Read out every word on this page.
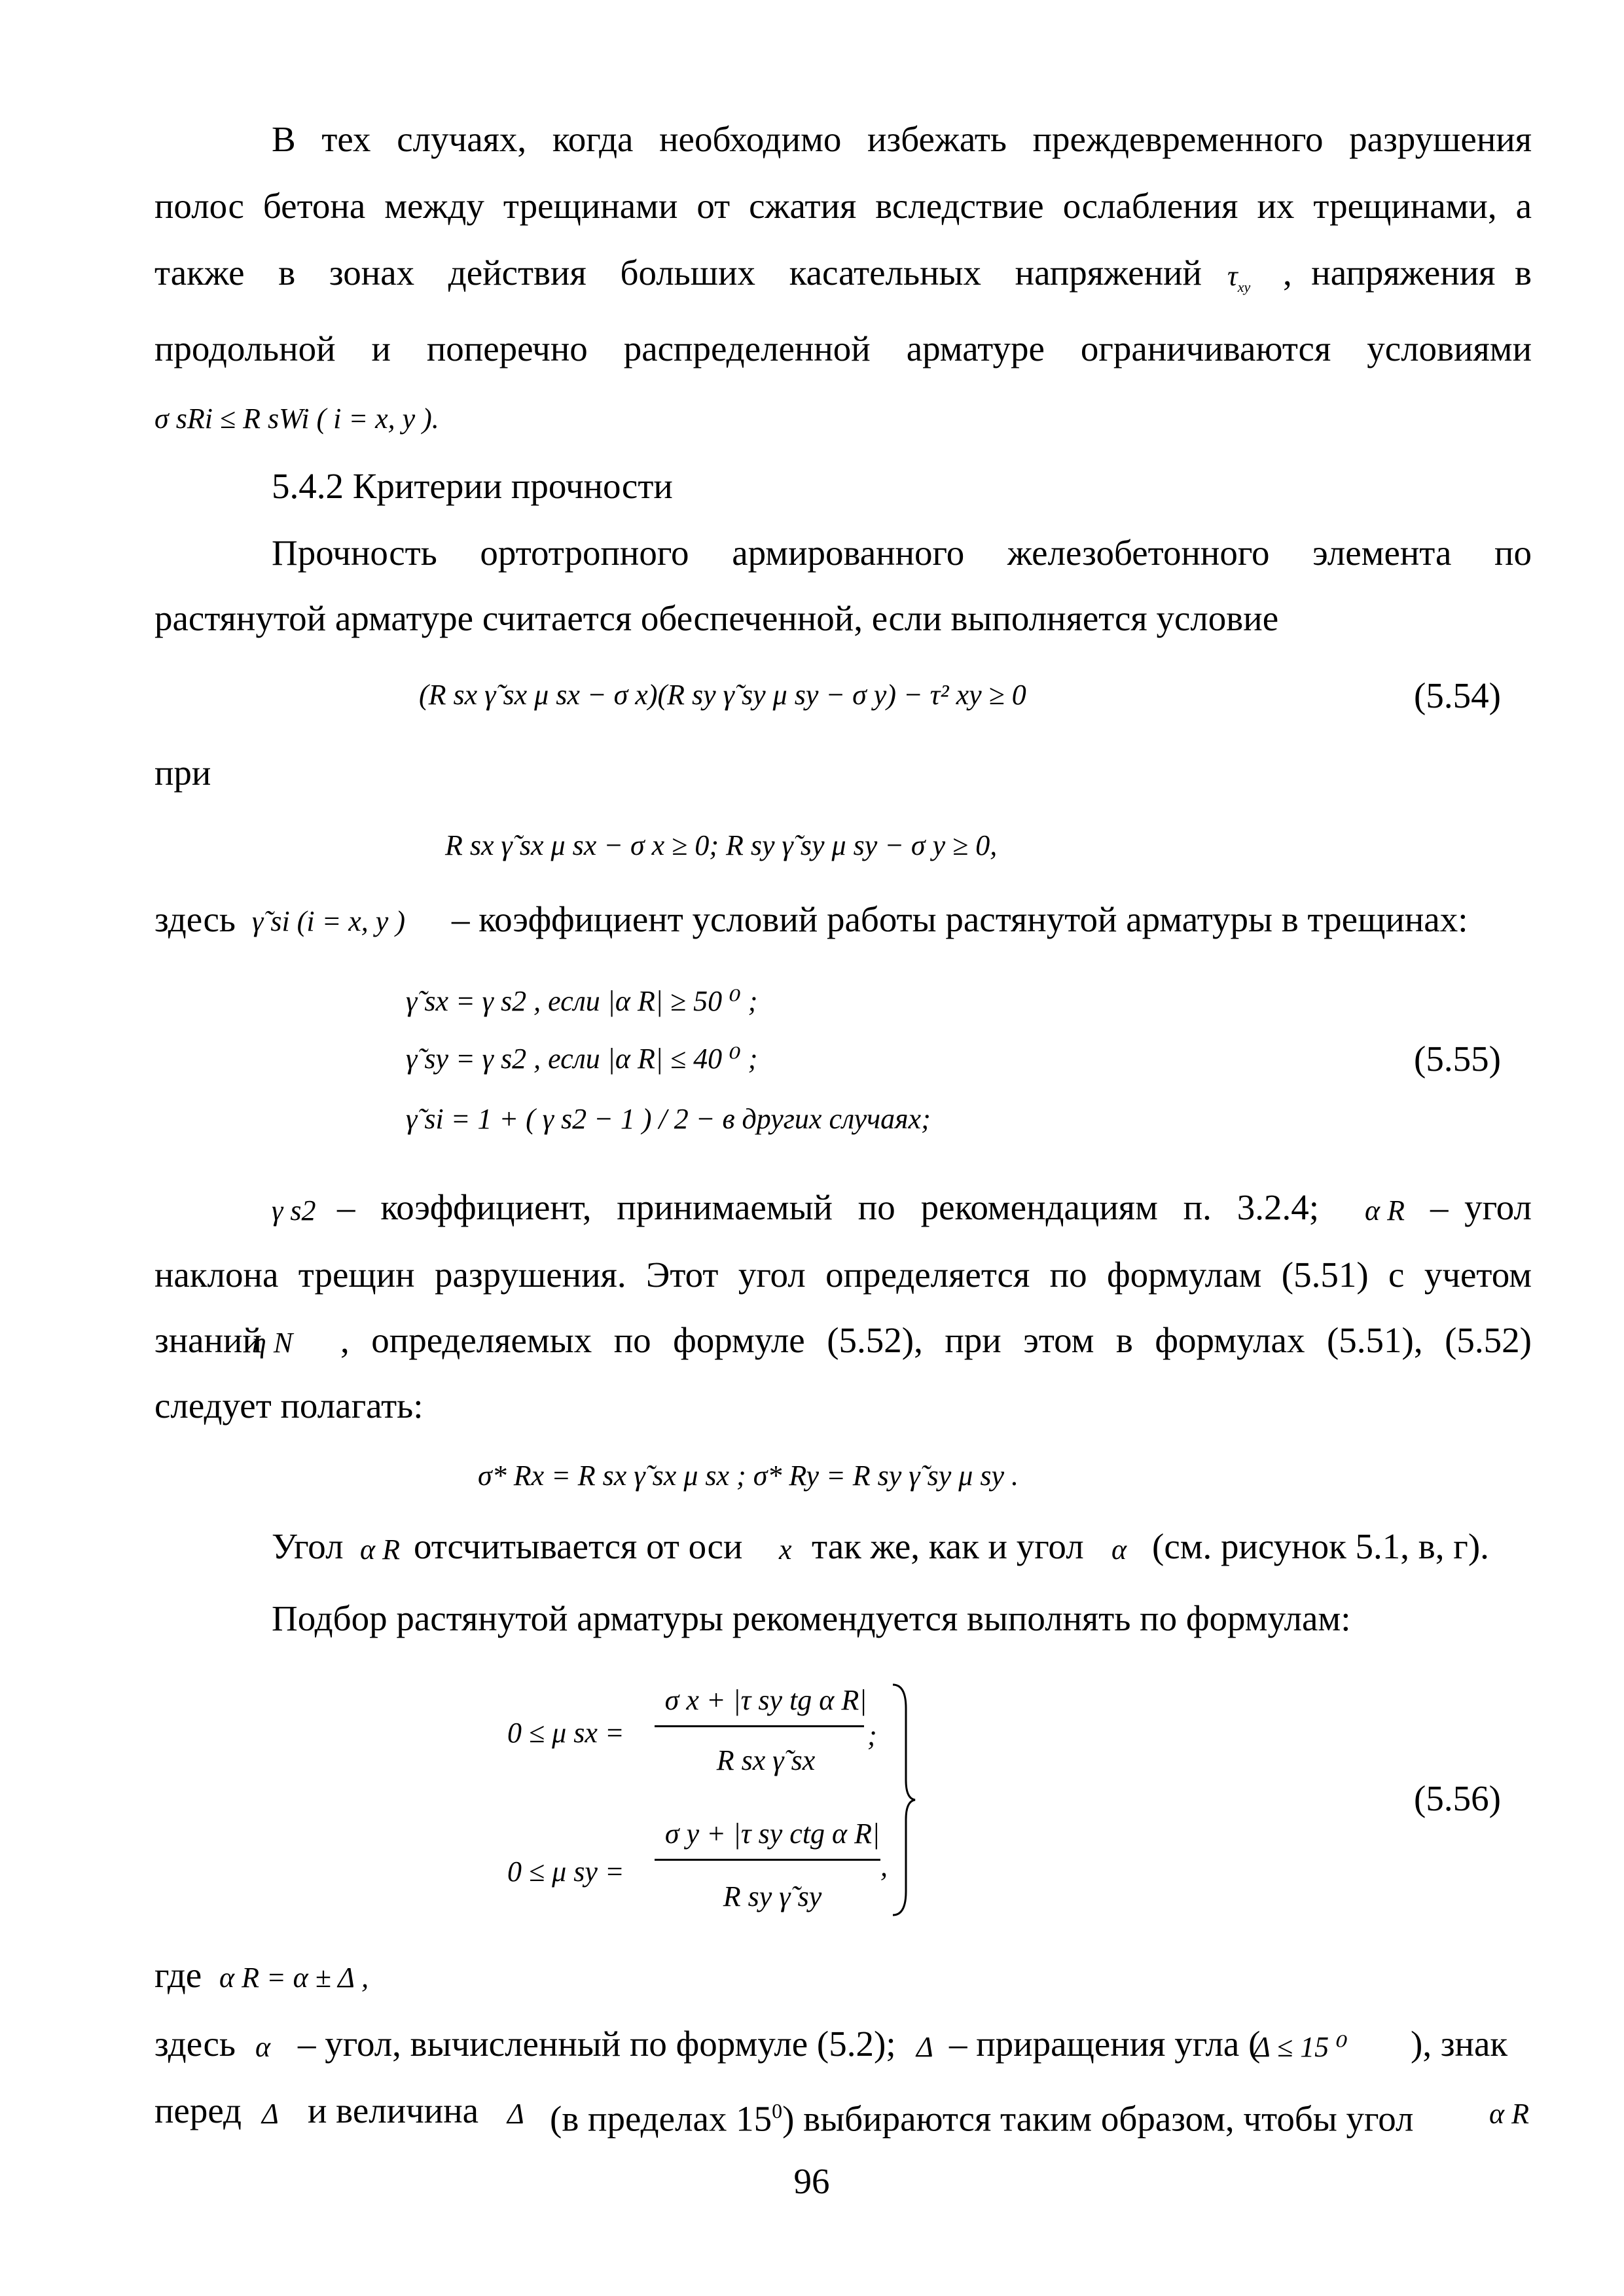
В тех случаях, когда необходимо избежать преждевременного разрушения
полос бетона между трещинами от сжатия вследствие ослабления их трещинами, а
также в зонах действия больших касательных напряжений $\tau_{xy}$ , напряжения в
продольной и поперечно распределенной арматуре ограничиваются условиями
σ sRi ≤ R sWi ( i = x, y ).
5.4.2 Критерии прочности
Прочность ортотропного армированного железобетонного элемента по
растянутой арматуре считается обеспеченной, если выполняется условие
(R sx γ̃ sx μ sx − σ x)(R sy γ̃ sy μ sy − σ y) − τ² xy ≥ 0	(5.54)
при
R sx γ̃ sx μ sx − σ x ≥ 0; R sy γ̃ sy μ sy − σ y ≥ 0,
здесь γ̃ si (i = x, y ) – коэффициент условий работы растянутой арматуры в трещинах:
γ̃ sx = γ s2 , если |α R| ≥ 50 ⁰ ;
γ̃ sy = γ s2 , если |α R| ≤ 40 ⁰ ;
γ̃ si = 1 + ( γ s2 − 1 ) / 2 − в других случаях;
(5.55)
γ s2 – коэффициент, принимаемый по рекомендациям п. 3.2.4; α R – угол
наклона трещин разрушения. Этот угол определяется по формулам (5.51) с учетом
знаний
η N , определяемых по формуле (5.52), при этом в формулах (5.51), (5.52)
следует полагать:
σ* Rx = R sx γ̃ sx μ sx ; σ* Ry = R sy γ̃ sy μ sy .
Угол α R отсчитывается от оси x так же, как и угол α (см. рисунок 5.1, в, г).
Подбор растянутой арматуры рекомендуется выполнять по формулам:
0 ≤ μ sx =
σ x + |τ sy tg α R|
R sx γ̃ sx
;
0 ≤ μ sy =
σ y + |τ sy ctg α R|
R sy γ̃ sy
,
(5.56)
где α R = α ± Δ ,
здесь α – угол, вычисленный по формуле (5.2); Δ – приращения угла (
Δ ≤ 15 ⁰ ), знак
перед Δ и величина Δ (в пределах $15^0$) выбираются таким образом, чтобы угол	α R
96
